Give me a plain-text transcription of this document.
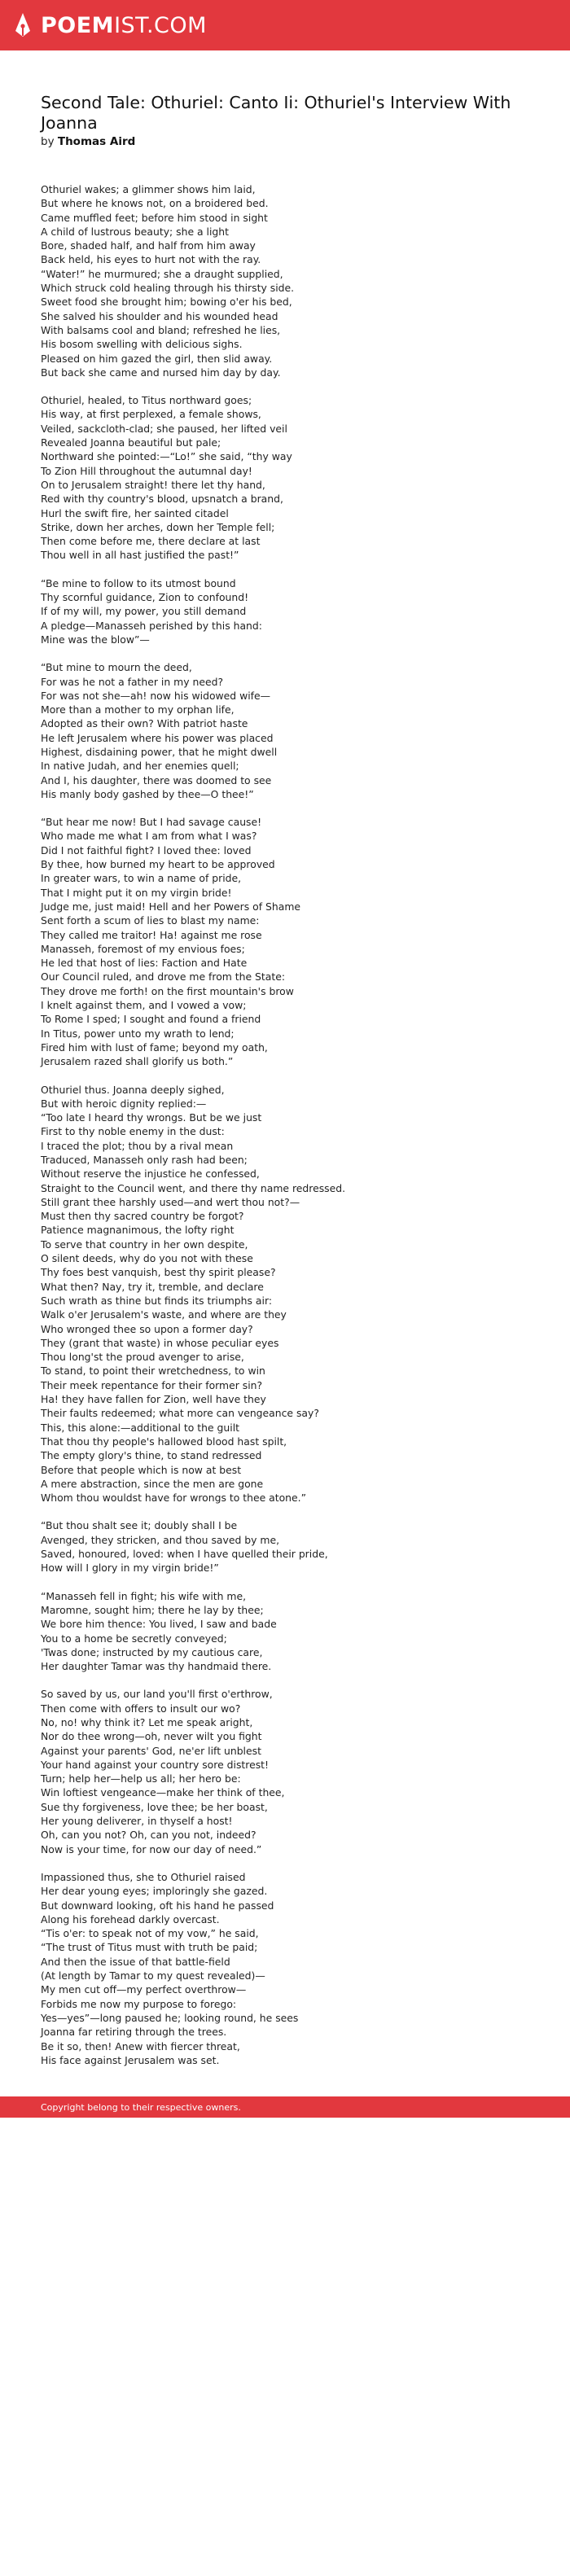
POEMIST.COM
Second Tale: Othuriel: Canto Ii: Othuriel's Interview With Joanna
by Thomas Aird
Othuriel wakes; a glimmer shows him laid,
But where he knows not, on a broidered bed.
Came muffled feet; before him stood in sight
A child of lustrous beauty; she a light
Bore, shaded half, and half from him away
Back held, his eyes to hurt not with the ray.
“Water!” he murmured; she a draught supplied,
Which struck cold healing through his thirsty side.
Sweet food she brought him; bowing o'er his bed,
She salved his shoulder and his wounded head
With balsams cool and bland; refreshed he lies,
His bosom swelling with delicious sighs.
Pleased on him gazed the girl, then slid away.
But back she came and nursed him day by day.
Othuriel, healed, to Titus northward goes;
His way, at first perplexed, a female shows,
Veiled, sackcloth-clad; she paused, her lifted veil
Revealed Joanna beautiful but pale;
Northward she pointed:—“Lo!” she said, “thy way
To Zion Hill throughout the autumnal day!
On to Jerusalem straight! there let thy hand,
Red with thy country's blood, upsnatch a brand,
Hurl the swift fire, her sainted citadel
Strike, down her arches, down her Temple fell;
Then come before me, there declare at last
Thou well in all hast justified the past!”
“Be mine to follow to its utmost bound
Thy scornful guidance, Zion to confound!
If of my will, my power, you still demand
A pledge—Manasseh perished by this hand:
Mine was the blow”—
“But mine to mourn the deed,
For was he not a father in my need?
For was not she—ah! now his widowed wife—
More than a mother to my orphan life,
Adopted as their own? With patriot haste
He left Jerusalem where his power was placed
Highest, disdaining power, that he might dwell
In native Judah, and her enemies quell;
And I, his daughter, there was doomed to see
His manly body gashed by thee—O thee!”
“But hear me now! But I had savage cause!
Who made me what I am from what I was?
Did I not faithful fight? I loved thee: loved
By thee, how burned my heart to be approved
In greater wars, to win a name of pride,
That I might put it on my virgin bride!
Judge me, just maid! Hell and her Powers of Shame
Sent forth a scum of lies to blast my name:
They called me traitor! Ha! against me rose
Manasseh, foremost of my envious foes;
He led that host of lies: Faction and Hate
Our Council ruled, and drove me from the State:
They drove me forth! on the first mountain's brow
I knelt against them, and I vowed a vow;
To Rome I sped; I sought and found a friend
In Titus, power unto my wrath to lend;
Fired him with lust of fame; beyond my oath,
Jerusalem razed shall glorify us both.”
Othuriel thus. Joanna deeply sighed,
But with heroic dignity replied:—
“Too late I heard thy wrongs. But be we just
First to thy noble enemy in the dust:
I traced the plot; thou by a rival mean
Traduced, Manasseh only rash had been;
Without reserve the injustice he confessed,
Straight to the Council went, and there thy name redressed.
Still grant thee harshly used—and wert thou not?—
Must then thy sacred country be forgot?
Patience magnanimous, the lofty right
To serve that country in her own despite,
O silent deeds, why do you not with these
Thy foes best vanquish, best thy spirit please?
What then? Nay, try it, tremble, and declare
Such wrath as thine but finds its triumphs air:
Walk o'er Jerusalem's waste, and where are they
Who wronged thee so upon a former day?
They (grant that waste) in whose peculiar eyes
Thou long'st the proud avenger to arise,
To stand, to point their wretchedness, to win
Their meek repentance for their former sin?
Ha! they have fallen for Zion, well have they
Their faults redeemed; what more can vengeance say?
This, this alone:—additional to the guilt
That thou thy people's hallowed blood hast spilt,
The empty glory's thine, to stand redressed
Before that people which is now at best
A mere abstraction, since the men are gone
Whom thou wouldst have for wrongs to thee atone.”
“But thou shalt see it; doubly shall I be
Avenged, they stricken, and thou saved by me,
Saved, honoured, loved: when I have quelled their pride,
How will I glory in my virgin bride!”
“Manasseh fell in fight; his wife with me,
Maromne, sought him; there he lay by thee;
We bore him thence: You lived, I saw and bade
You to a home be secretly conveyed;
'Twas done; instructed by my cautious care,
Her daughter Tamar was thy handmaid there.
So saved by us, our land you'll first o'erthrow,
Then come with offers to insult our wo?
No, no! why think it? Let me speak aright,
Nor do thee wrong—oh, never wilt you fight
Against your parents' God, ne'er lift unblest
Your hand against your country sore distrest!
Turn; help her—help us all; her hero be:
Win loftiest vengeance—make her think of thee,
Sue thy forgiveness, love thee; be her boast,
Her young deliverer, in thyself a host!
Oh, can you not? Oh, can you not, indeed?
Now is your time, for now our day of need.”
Impassioned thus, she to Othuriel raised
Her dear young eyes; imploringly she gazed.
But downward looking, oft his hand he passed
Along his forehead darkly overcast.
“Tis o'er: to speak not of my vow,” he said,
“The trust of Titus must with truth be paid;
And then the issue of that battle-field
(At length by Tamar to my quest revealed)—
My men cut off—my perfect overthrow—
Forbids me now my purpose to forego:
Yes—yes”—long paused he; looking round, he sees
Joanna far retiring through the trees.
Be it so, then! Anew with fiercer threat,
His face against Jerusalem was set.
Copyright belong to their respective owners.
